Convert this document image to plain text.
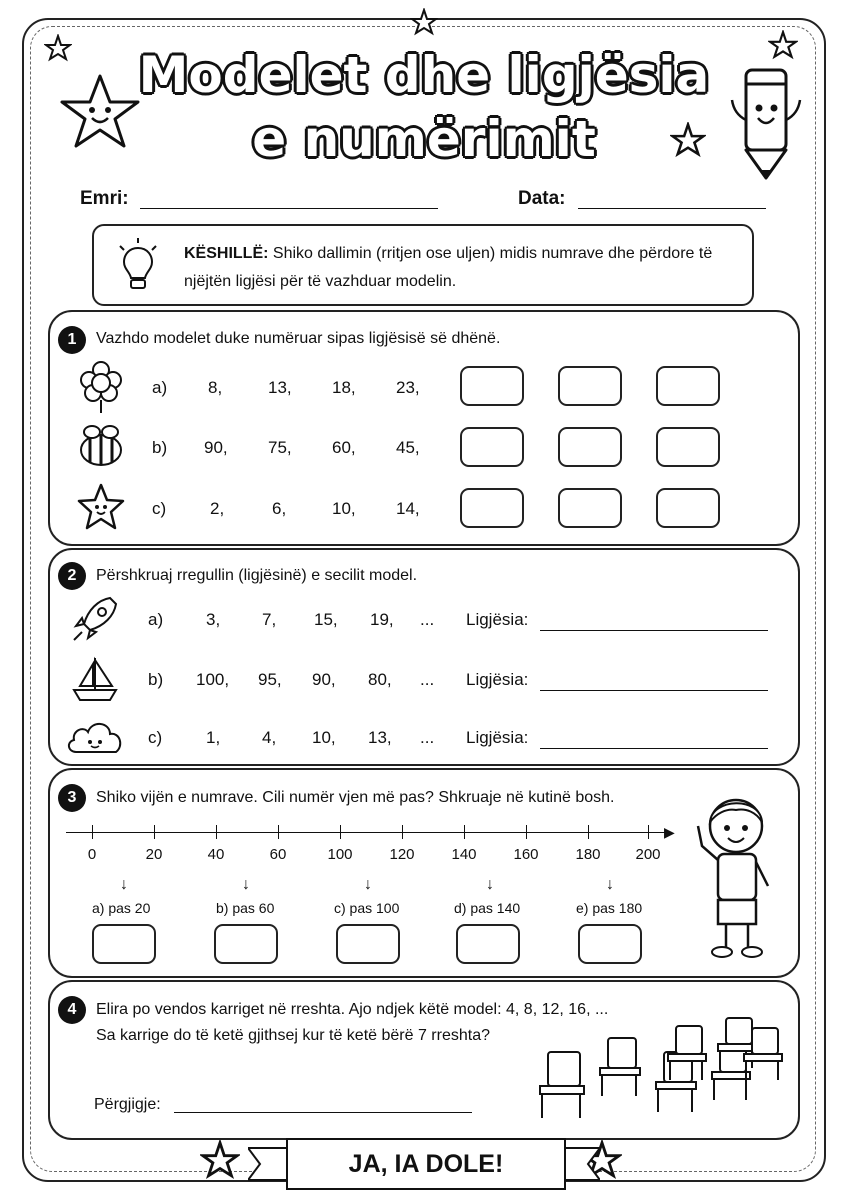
Modelet dhe ligjësia
e numërimit
Emri:	Data:
KËSHILLË: Shiko dallimin (rritjen ose uljen) midis numrave dhe përdore të njëjtën ligjësi për të vazhduar modelin.
1	Vazhdo modelet duke numëruar sipas ligjësisë së dhënë.
a) 8,	13, 18, 23,
b) 90, 75, 60, 45,
c)	2,	6,	10, 14,
2	Përshkruaj rregullin (ligjësinë) e secilit model.
a)	3, 7, 15, 19, ... Ligjësia:
b) 100, 95, 90, 80, ... Ligjësia:
c)	1, 4, 10, 13, ... Ligjësia:
3	Shiko vijën e numrave. Cili numër vjen më pas? Shkruaje në kutinë bosh.
▶
0	20	40	60	100	120	140	160	180	200
↓
a) pas 20
↓
b) pas 60
↓
c) pas 100
↓
d) pas 140
↓
e) pas 180
4	Elira po vendos karriget në rreshta. Ajo ndjek këtë model: 4, 8, 12, 16, ...
Sa karrige do të ketë gjithsej kur të ketë bërë 7 rreshta?
Përgjigje:
JA, IA DOLE!
